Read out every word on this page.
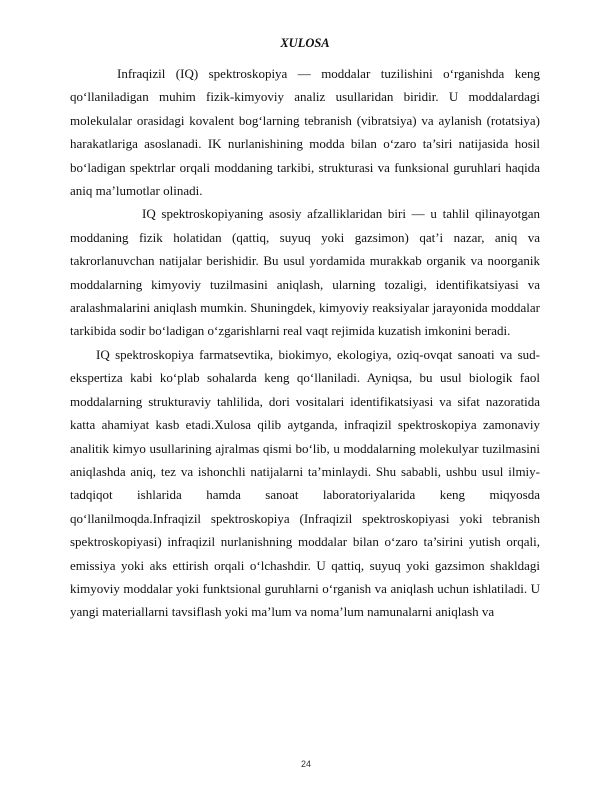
XULOSA

Infraqizil (IQ) spektroskopiya — moddalar tuzilishini o‘rganishda keng qo‘llaniladigan muhim fizik-kimyoviy analiz usullaridan biridir. U moddalardagi molekulalar orasidagi kovalent bog‘larning tebranish (vibratsiya) va aylanish (rotatsiya) harakatlariga asoslanadi. IK nurlanishining modda bilan o‘zaro ta’siri natijasida hosil bo‘ladigan spektrlar orqali moddaning tarkibi, strukturasi va funksional guruhlari haqida aniq ma’lumotlar olinadi.

IQ spektroskopiyaning asosiy afzalliklaridan biri — u tahlil qilinayotgan moddaning fizik holatidan (qattiq, suyuq yoki gazsimon) qat’i nazar, aniq va takrorlanuvchan natijalar berishidir. Bu usul yordamida murakkab organik va noorganik moddalarning kimyoviy tuzilmasini aniqlash, ularning tozaligi, identifikatsiyasi va aralashmalarini aniqlash mumkin. Shuningdek, kimyoviy reaksiyalar jarayonida moddalar tarkibida sodir bo‘ladigan o‘zgarishlarni real vaqt rejimida kuzatish imkonini beradi.

IQ spektroskopiya farmatsevtika, biokimyo, ekologiya, oziq-ovqat sanoati va sud-ekspertiza kabi ko‘plab sohalarda keng qo‘llaniladi. Ayniqsa, bu usul biologik faol moddalarning strukturaviy tahlilida, dori vositalari identifikatsiyasi va sifat nazoratida katta ahamiyat kasb etadi.Xulosa qilib aytganda, infraqizil spektroskopiya zamonaviy analitik kimyo usullarining ajralmas qismi bo‘lib, u moddalarning molekulyar tuzilmasini aniqlashda aniq, tez va ishonchli natijalarni ta’minlaydi. Shu sababli, ushbu usul ilmiy-tadqiqot ishlarida hamda sanoat laboratoriyalarida keng miqyosda qo‘llanilmoqda.Infraqizil spektroskopiya (Infraqizil spektroskopiyasi yoki tebranish spektroskopiyasi) infraqizil nurlanishning moddalar bilan o‘zaro ta’sirini yutish orqali, emissiya yoki aks ettirish orqali o‘lchashdir. U qattiq, suyuq yoki gazsimon shakldagi kimyoviy moddalar yoki funktsional guruhlarni o‘rganish va aniqlash uchun ishlatiladi. U yangi materiallarni tavsiflash yoki ma’lum va noma’lum namunalarni aniqlash va

24
